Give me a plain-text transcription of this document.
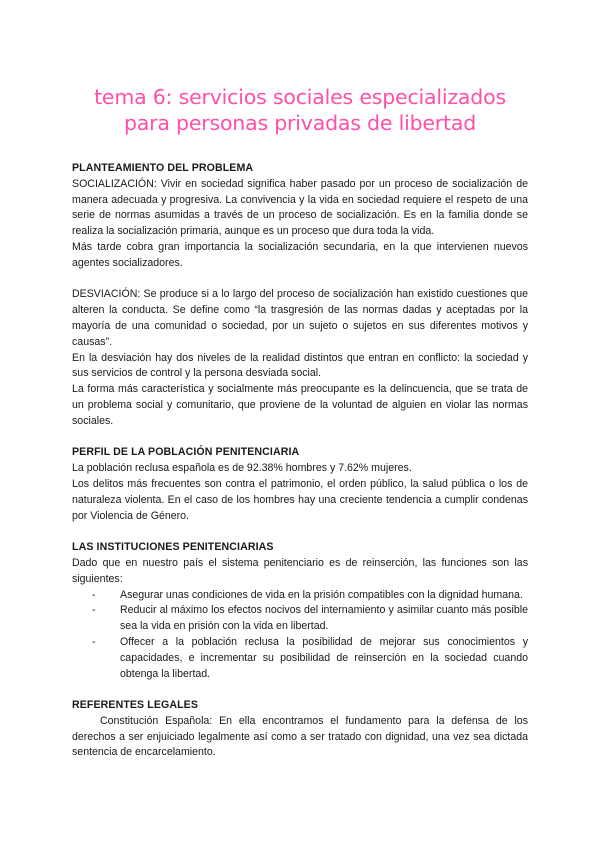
tema 6: servicios sociales especializados
para personas privadas de libertad
PLANTEAMIENTO DEL PROBLEMA

SOCIALIZACIÓN: Vivir en sociedad significa haber pasado por un proceso de socialización de manera adecuada y progresiva. La convivencia y la vida en sociedad requiere el respeto de una serie de normas asumidas a través de un proceso de socialización. Es en la familia donde se realiza la socialización primaria, aunque es un proceso que dura toda la vida.

Más tarde cobra gran importancia la socialización secundaria, en la que intervienen nuevos agentes socializadores.

DESVIACIÓN: Se produce si a lo largo del proceso de socialización han existido cuestiones que alteren la conducta. Se define como “la trasgresión de las normas dadas y aceptadas por la mayoría de una comunidad o sociedad, por un sujeto o sujetos en sus diferentes motivos y causas”.

En la desviación hay dos niveles de la realidad distintos que entran en conflicto: la sociedad y sus servicios de control y la persona desviada social.

La forma más característica y socialmente más preocupante es la delincuencia, que se trata de un problema social y comunitario, que proviene de la voluntad de alguien en violar las normas sociales.

PERFIL DE LA POBLACIÓN PENITENCIARIA

La población reclusa española es de 92.38% hombres y 7.62% mujeres.

Los delitos más frecuentes son contra el patrimonio, el orden público, la salud pública o los de naturaleza violenta. En el caso de los hombres hay una creciente tendencia a cumplir condenas por Violencia de Género.

LAS INSTITUCIONES PENITENCIARIAS

Dado que en nuestro país el sistema penitenciario es de reinserción, las funciones son las siguientes:

- Asegurar unas condiciones de vida en la prisión compatibles con la dignidad humana.
- Reducir al máximo los efectos nocivos del internamiento y asimilar cuanto más posible sea la vida en prisión con la vida en libertad.
- Offecer a la población reclusa la posibilidad de mejorar sus conocimientos y capacidades, e incrementar su posibilidad de reinserción en la sociedad cuando obtenga la libertad.
REFERENTES LEGALES

Constitución Española: En ella encontramos el fundamento para la defensa de los derechos a ser enjuiciado legalmente así como a ser tratado con dignidad, una vez sea dictada sentencia de encarcelamiento.
